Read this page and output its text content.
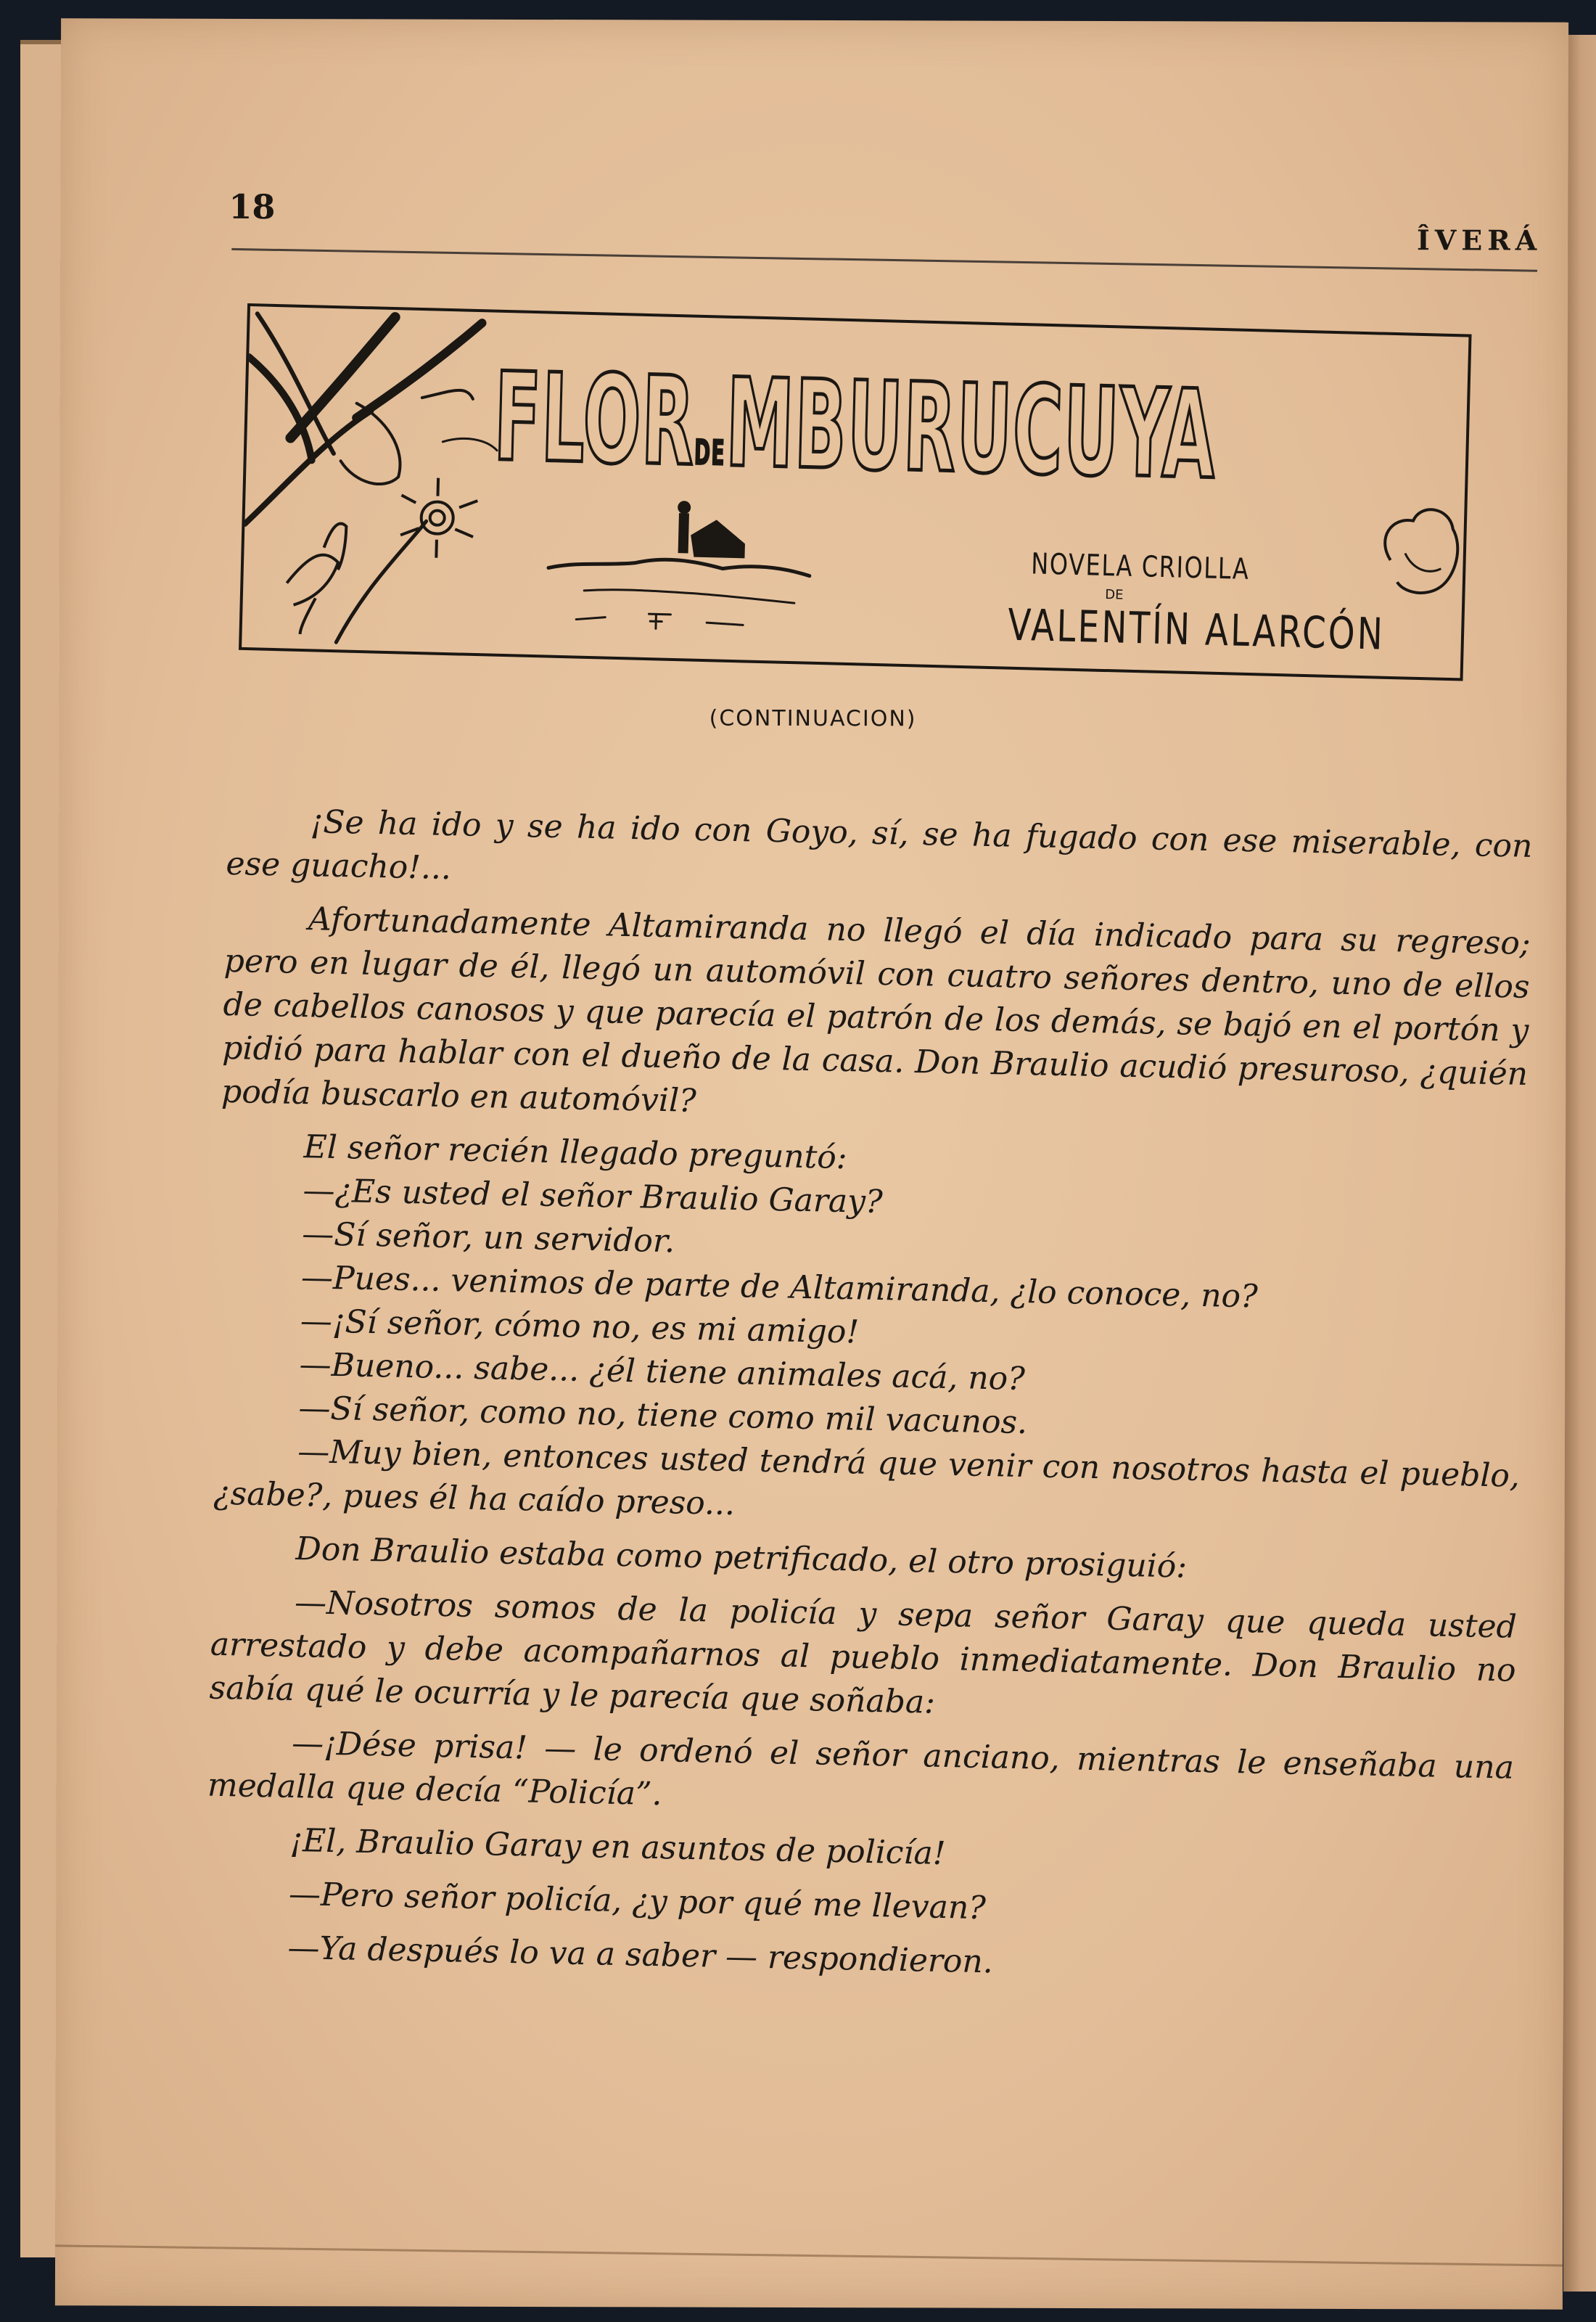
18
ÎVERÁ
FLORDEMBURUCUYA
NOVELA CRIOLLA
DE
VALENTÍN ALARCÓN
(CONTINUACION)

¡Se ha ido y se ha ido con Goyo, sí, se ha fugado con ese miserable, con ese guacho!...

Afortunadamente Altamiranda no llegó el día indicado para su regreso; pero en lugar de él, llegó un automóvil con cuatro señores dentro, uno de ellos de cabellos canosos y que parecía el patrón de los demás, se bajó en el portón y pidió para hablar con el dueño de la casa. Don Braulio acudió presuroso, ¿quién podía buscarlo en automóvil?

El señor recién llegado preguntó:

—¿Es usted el señor Braulio Garay?

—Sí señor, un servidor.

—Pues... venimos de parte de Altamiranda, ¿lo conoce, no?

—¡Sí señor, cómo no, es mi amigo!

—Bueno... sabe... ¿él tiene animales acá, no?

—Sí señor, como no, tiene como mil vacunos.

—Muy bien, entonces usted tendrá que venir con nosotros hasta el pueblo, ¿sabe?, pues él ha caído preso...

Don Braulio estaba como petrificado, el otro prosiguió:

—Nosotros somos de la policía y sepa señor Garay que queda usted arrestado y debe acompañarnos al pueblo inmediatamente. Don Braulio no sabía qué le ocurría y le parecía que soñaba:

—¡Dése prisa! — le ordenó el señor anciano, mientras le enseñaba una medalla que decía “Policía”.

¡El, Braulio Garay en asuntos de policía!

—Pero señor policía, ¿y por qué me llevan?

—Ya después lo va a saber — respondieron.
